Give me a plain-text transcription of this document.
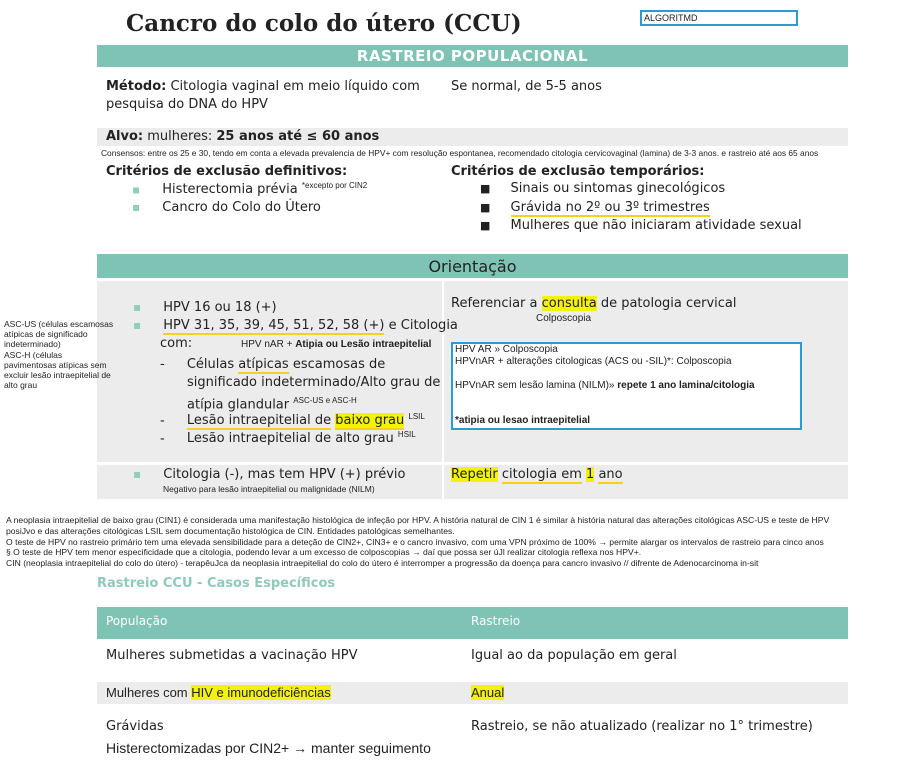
Cancro do colo do útero (CCU)	ALGORITMD
RASTREIO POPULACIONAL
Método: Citologia vaginal em meio líquido com
pesquisa do DNA do HPV
Se normal, de 5-5 anos
Alvo: mulheres: 25 anos até ≤ 60 anos
Consensos: entre os 25 e 30, tendo em conta a elevada prevalencia de HPV+ com resolução espontanea, recomendado citologia cervicovaginal (lamina) de 3-3 anos. e rastreio até aos 65 anos
Critérios de exclusão definitivos:
▪ Histerectomia prévia $^{*excepto por CIN2}$
▪ Cancro do Colo do Útero
Critérios de exclusão temporários:
■ Sinais ou sintomas ginecológicos
■ Grávida no 2º ou 3º trimestres
■ Mulheres que não iniciaram atividade sexual
Orientação
ASC-US (células escamosas
atípicas de significado
indeterminado)
ASC-H (células
pavimentosas atípicas sem
excluir lesão intraepitelial de
alto grau
▪ HPV 16 ou 18 (+)
▪ HPV 31, 35, 39, 45, 51, 52, 58 (+) e Citologia
com:	HPV nAR + Atipia ou Lesão intraepitelial
- Células atípicas escamosas de
significado indeterminado/Alto grau de
atípia glandular $^{ASC-US e ASC-H}$
- Lesão intraepitelial de baixo grau $^{LSIL}$
- Lesão intraepitelial de alto grau $^{HSIL}$
Referenciar a consulta de patologia cervical
Colposcopia
HPV AR » Colposcopia
HPVnAR + alterações citologicas (ACS ou -SIL)*: Colposcopia
HPVnAR sem lesão lamina (NILM)» repete 1 ano lamina/citologia
*atipia ou lesao intraepitelial
▪ Citologia (-), mas tem HPV (+) prévio
Negativo para lesão intraepitelial ou malignidade (NILM)
Repetir citologia em 1 ano
A neoplasia intraepitelial de baixo grau (CIN1) é considerada uma manifestação histológica de infeção por HPV. A história natural de CIN 1 é similar à história natural das alterações citológicas ASC-US e teste de HPV
posiJvo e das alterações citológicas LSIL sem documentação histológica de CIN. Entidades patológicas semelhantes.
O teste de HPV no rastreio primário tem uma elevada sensibilidade para a deteção de CIN2+, CIN3+ e o cancro invasivo, com uma VPN próximo de 100% → permite alargar os intervalos de rastreio para cinco anos
§ O teste de HPV tem menor especificidade que a citologia, podendo levar a um excesso de colposcopias → daí que possa ser úJl realizar citologia reflexa nos HPV+.
CIN (neoplasia intraepitelial do colo do útero) - terapêuJca da neoplasia intraepitelial do colo do útero é interromper a progressão da doença para cancro invasivo // difrente de Adenocarcinoma in-sit
Rastreio CCU - Casos Específicos
População	Rastreio
Mulheres submetidas a vacinação HPV	Igual ao da população em geral
Mulheres com HIV e imunodeficiências	Anual
Grávidas	Rastreio, se não atualizado (realizar no 1° trimestre)
Histerectomizadas por CIN2+ → manter seguimento
